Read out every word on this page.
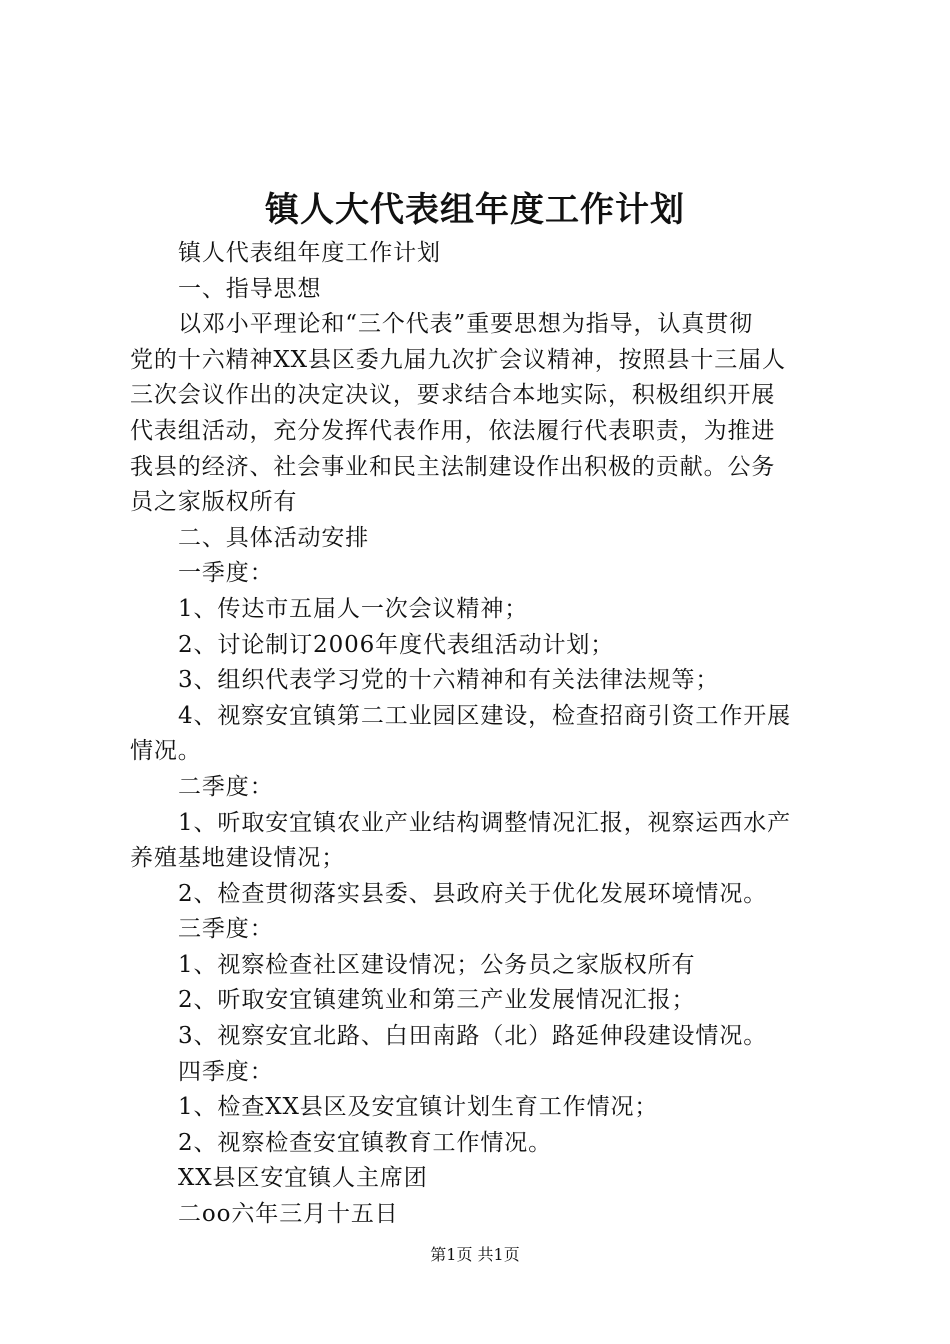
镇人大代表组年度工作计划

镇人代表组年度工作计划

一、指导思想

以邓小平理论和“三个代表”重要思想为指导，认真贯彻

党的十六精神XX县区委九届九次扩会议精神，按照县十三届人

三次会议作出的决定决议，要求结合本地实际，积极组织开展

代表组活动，充分发挥代表作用，依法履行代表职责，为推进

我县的经济、社会事业和民主法制建设作出积极的贡献。公务

员之家版权所有

二、具体活动安排

一季度：

1、传达市五届人一次会议精神；

2、讨论制订2006年度代表组活动计划；

3、组织代表学习党的十六精神和有关法律法规等；

4、视察安宜镇第二工业园区建设，检查招商引资工作开展

情况。

二季度：

1、听取安宜镇农业产业结构调整情况汇报，视察运西水产

养殖基地建设情况；

2、检查贯彻落实县委、县政府关于优化发展环境情况。

三季度：

1、视察检查社区建设情况；公务员之家版权所有

2、听取安宜镇建筑业和第三产业发展情况汇报；

3、视察安宜北路、白田南路（北）路延伸段建设情况。

四季度：

1、检查XX县区及安宜镇计划生育工作情况；

2、视察检查安宜镇教育工作情况。

XX县区安宜镇人主席团

二oo六年三月十五日

第1页 共1页
